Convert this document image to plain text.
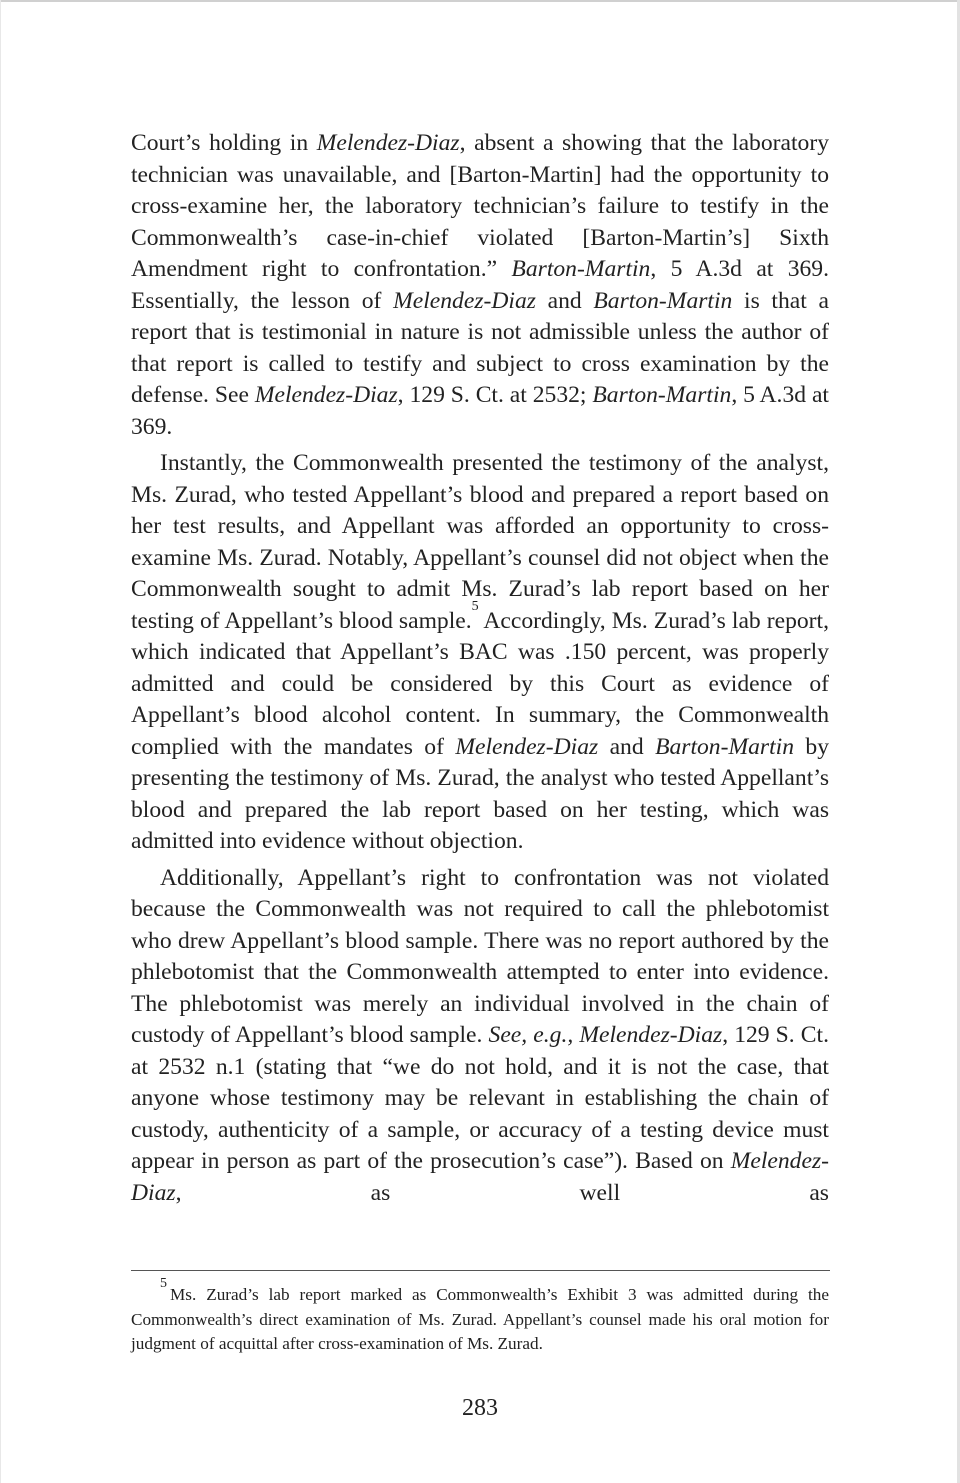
Court’s holding in Melendez-Diaz, absent a showing that the laboratory technician was unavailable, and [Barton-Martin] had the opportunity to cross-examine her, the laboratory technician’s failure to testify in the Commonwealth’s case-in-chief violated [Barton-Martin’s] Sixth Amendment right to confrontation.” Barton-Martin, 5 A.3d at 369. Essentially, the lesson of Melendez-Diaz and Barton-Martin is that a report that is testimonial in nature is not admissible unless the author of that report is called to testify and subject to cross examination by the defense. See Melendez-Diaz, 129 S. Ct. at 2532; Barton-Martin, 5 A.3d at 369.

Instantly, the Commonwealth presented the testimony of the analyst, Ms. Zurad, who tested Appellant’s blood and prepared a report based on her test results, and Appellant was afforded an opportunity to cross-examine Ms. Zurad. Notably, Appellant’s counsel did not object when the Commonwealth sought to admit Ms. Zurad’s lab report based on her testing of Appellant’s blood sample.$^5$ Accordingly, Ms. Zurad’s lab report, which indicated that Appellant’s BAC was .150 percent, was properly admitted and could be considered by this Court as evidence of Appellant’s blood alcohol content. In summary, the Commonwealth complied with the mandates of Melendez-Diaz and Barton-Martin by presenting the testimony of Ms. Zurad, the analyst who tested Appellant’s blood and prepared the lab report based on her testing, which was admitted into evidence without objection.

Additionally, Appellant’s right to confrontation was not violated because the Commonwealth was not required to call the phlebotomist who drew Appellant’s blood sample. There was no report authored by the phlebotomist that the Commonwealth attempted to enter into evidence. The phlebotomist was merely an individual involved in the chain of custody of Appellant’s blood sample. See, e.g., Melendez-Diaz, 129 S. Ct. at 2532 n.1 (stating that “we do not hold, and it is not the case, that anyone whose testimony may be relevant in establishing the chain of custody, authenticity of a sample, or accuracy of a testing device must appear in person as part of the prosecution’s case”). Based on Melendez-Diaz, as well as

$^5$Ms. Zurad’s lab report marked as Commonwealth’s Exhibit 3 was admitted during the Commonwealth’s direct examination of Ms. Zurad. Appellant’s counsel made his oral motion for judgment of acquittal after cross-examination of Ms. Zurad.
283
